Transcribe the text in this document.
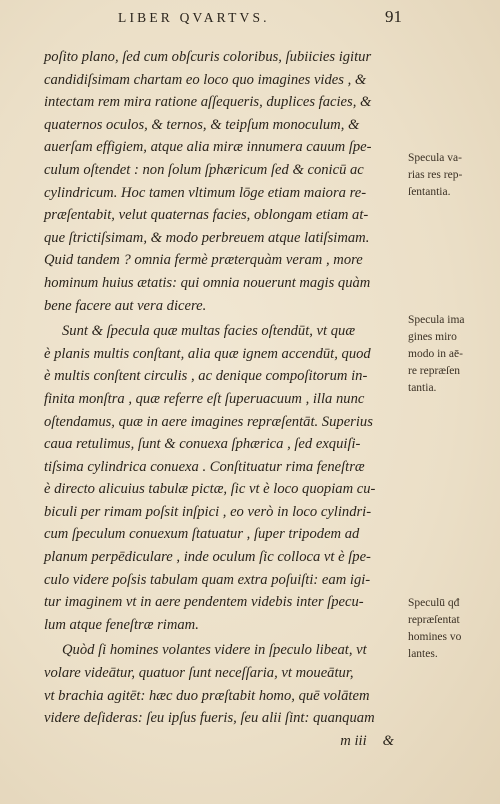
LIBER QVARTVS.	91
poſito plano, ſed cum obſcuris coloribus, ſubiicies igitur
candidiſsimam chartam eo loco quo imagines vides , &
intectam rem mira ratione aſſequeris, duplices facies, &
quaternos oculos, & ternos, & teipſum monoculum, &
auerſam effigiem, atque alia miræ innumera cauum ſpe-
culum oſtendet : non ſolum ſphæricum ſed & conicū ac
cylindricum. Hoc tamen vltimum lōge etiam maiora re-
præſentabit, velut quaternas facies, oblongam etiam at-
que ſtrictiſsimam, & modo perbreuem atque latiſsimam.
Quid tandem ? omnia fermè præterquàm veram , more
hominum huius ætatis: qui omnia nouerunt magis quàm
bene facere aut vera dicere.
Sunt & ſpecula quæ multas facies oſtendūt, vt quæ
è planis multis conſtant, alia quæ ignem accendūt, quod
è multis conſtent circulis , ac denique compoſitorum in-
finita monſtra , quæ referre eſt ſuperuacuum , illa nunc
oſtendamus, quæ in aere imagines repræſentāt. Superius
caua retulimus, ſunt & conuexa ſphærica , ſed exquiſi-
tiſsima cylindrica conuexa . Conſtituatur rima feneſtræ
è directo alicuius tabulæ pictæ, ſic vt è loco quopiam cu-
biculi per rimam poſsit inſpici , eo verò in loco cylindri-
cum ſpeculum conuexum ſtatuatur , ſuper tripodem ad
planum perpēdiculare , inde oculum ſic colloca vt è ſpe-
culo videre poſsis tabulam quam extra poſuiſti: eam igi-
tur imaginem vt in aere pendentem videbis inter ſpecu-
lum atque feneſtræ rimam.
Quòd ſi homines volantes videre in ſpeculo libeat, vt
volare videātur, quatuor ſunt neceſſaria, vt moueātur,
vt brachia agitēt: hæc duo præſtabit homo, quē volātem
videre deſideras: ſeu ipſus fueris, ſeu alii ſint: quanquam
m iii &
Specula va-
rias res rep-
ſentantia.
Specula ima
gines miro
modo in aē-
re repræſen
tantia.
Speculū qđ
repræſentat
homines vo
lantes.
